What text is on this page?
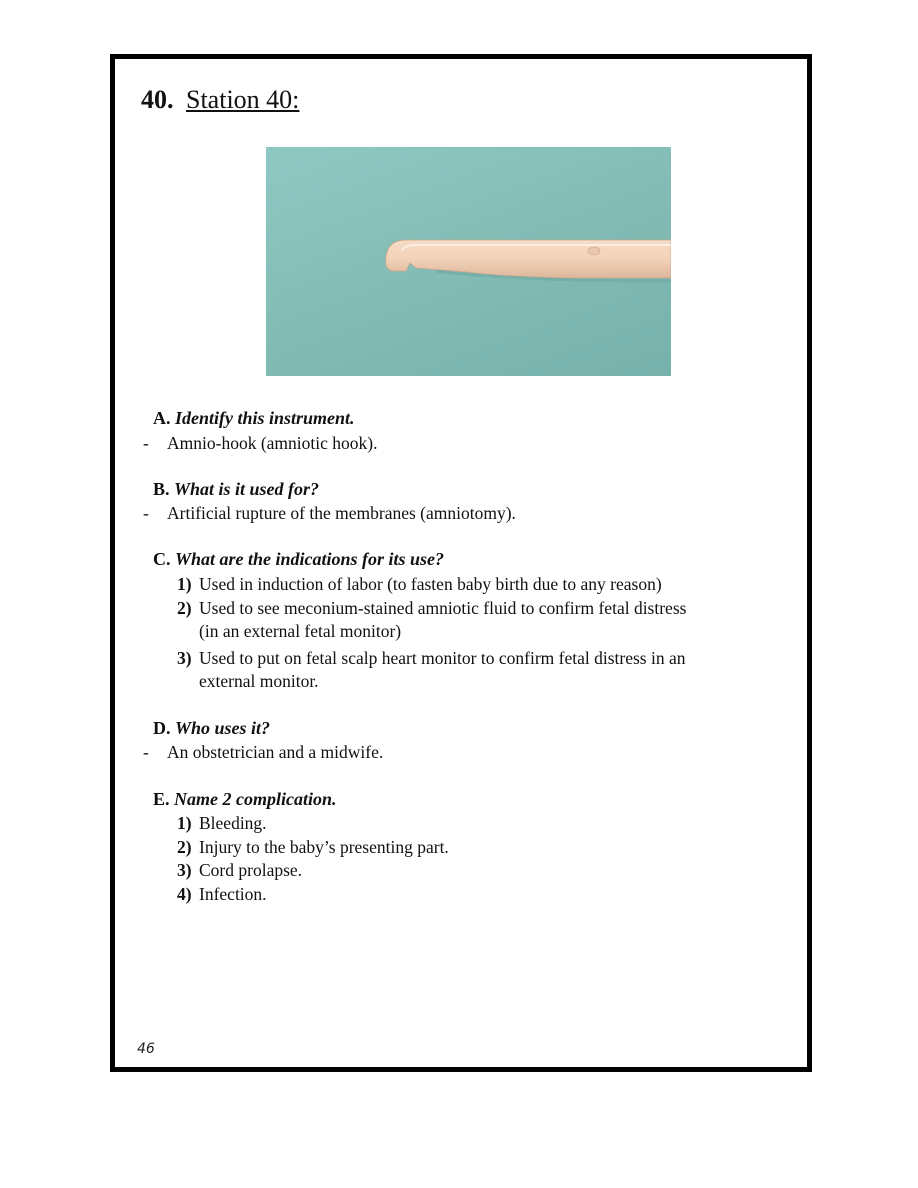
40. Station 40:
A. Identify this instrument.
- Amnio-hook (amniotic hook).
B. What is it used for?
- Artificial rupture of the membranes (amniotomy).
C. What are the indications for its use?
1) Used in induction of labor (to fasten baby birth due to any reason)
2) Used to see meconium-stained amniotic fluid to confirm fetal distress
(in an external fetal monitor)
3) Used to put on fetal scalp heart monitor to confirm fetal distress in an
external monitor.
D. Who uses it?
- An obstetrician and a midwife.
E. Name 2 complication.
1) Bleeding.
2) Injury to the baby’s presenting part.
3) Cord prolapse.
4) Infection.
46
